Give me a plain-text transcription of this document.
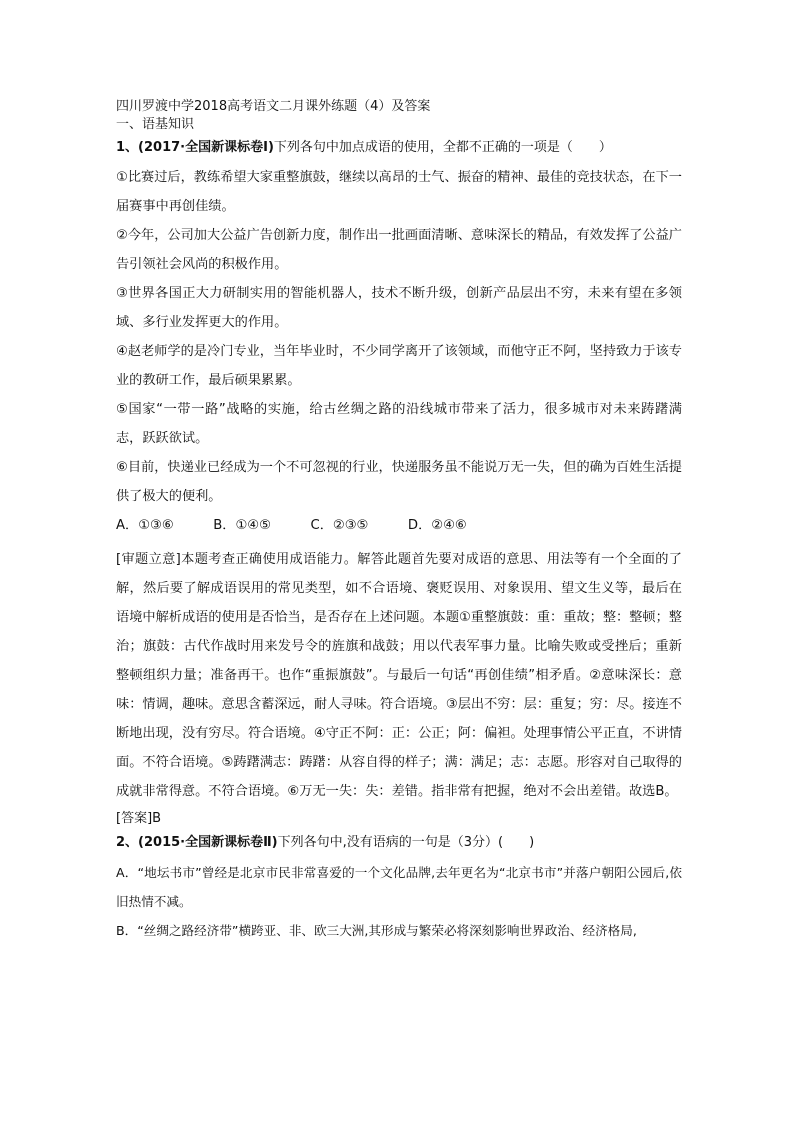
四川罗渡中学2018高考语文二月课外练题（4）及答案

一、语基知识

1、(2017·全国新课标卷Ⅰ)下列各句中加点成语的使用，全都不正确的一项是（　　）

①比赛过后，教练希望大家重整旗鼓，继续以高昂的士气、振奋的精神、最佳的竞技状态，在下一届赛事中再创佳绩。

②今年，公司加大公益广告创新力度，制作出一批画面清晰、意味深长的精品，有效发挥了公益广告引领社会风尚的积极作用。

③世界各国正大力研制实用的智能机器人，技术不断升级，创新产品层出不穷，未来有望在多领域、多行业发挥更大的作用。

④赵老师学的是冷门专业，当年毕业时，不少同学离开了该领域，而他守正不阿，坚持致力于该专业的教研工作，最后硕果累累。

⑤国家“一带一路”战略的实施，给古丝绸之路的沿线城市带来了活力，很多城市对未来踌躇满志，跃跃欲试。

⑥目前，快递业已经成为一个不可忽视的行业，快递服务虽不能说万无一失，但的确为百姓生活提供了极大的便利。

A．①③⑥　　　B．①④⑤　　　C．②③⑤　　　D．②④⑥

[审题立意]本题考查正确使用成语能力。解答此题首先要对成语的意思、用法等有一个全面的了解，然后要了解成语误用的常见类型，如不合语境、褒贬误用、对象误用、望文生义等，最后在语境中解析成语的使用是否恰当，是否存在上述问题。本题①重整旗鼓：重：重故；整：整顿；整治；旗鼓：古代作战时用来发号令的旌旗和战鼓；用以代表军事力量。比喻失败或受挫后；重新整顿组织力量；准备再干。也作“重振旗鼓”。与最后一句话“再创佳绩”相矛盾。②意味深长：意味：情调，趣味。意思含蓄深远，耐人寻味。符合语境。③层出不穷：层：重复；穷：尽。接连不断地出现，没有穷尽。符合语境。④守正不阿：正：公正；阿：偏袒。处理事情公平正直，不讲情面。不符合语境。⑤踌躇满志：踌躇：从容自得的样子；满：满足；志：志愿。形容对自己取得的成就非常得意。不符合语境。⑥万无一失：失：差错。指非常有把握，绝对不会出差错。故选B。

[答案]B

2、(2015·全国新课标卷Ⅱ)下列各句中,没有语病的一句是（3分）(　　)

A．“地坛书市”曾经是北京市民非常喜爱的一个文化品牌,去年更名为“北京书市”并落户朝阳公园后,依旧热情不减。

B．“丝绸之路经济带”横跨亚、非、欧三大洲,其形成与繁荣必将深刻影响世界政治、经济格局,
